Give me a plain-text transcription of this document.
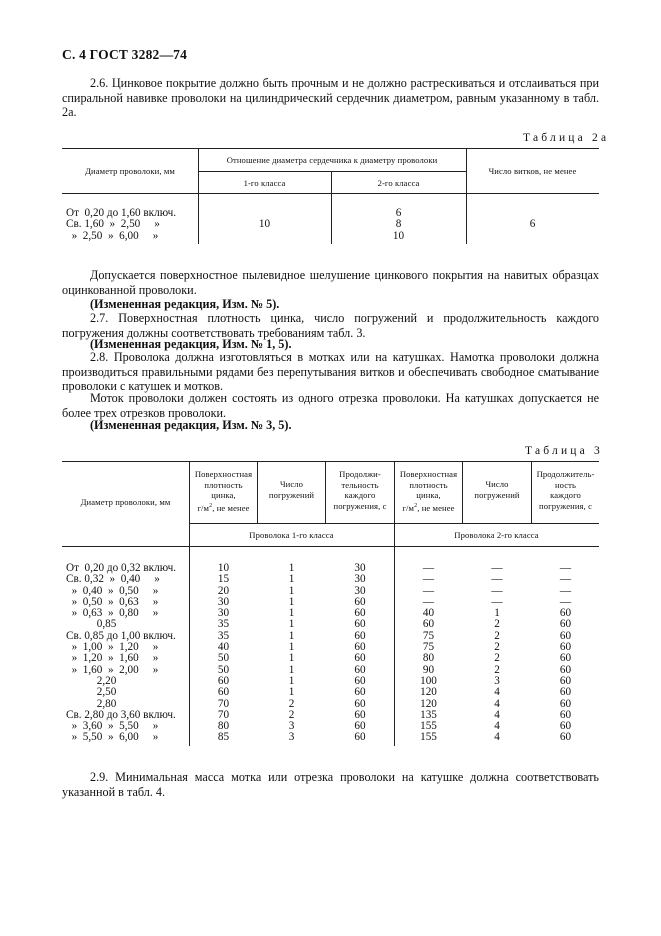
С. 4 ГОСТ 3282—74
2.6. Цинковое покрытие должно быть прочным и не должно растрескиваться и отслаиваться при спиральной навивке проволоки на цилиндрический сердечник диаметром, равным указанному в табл. 2а.
Таблица 2а
Диаметр проволоки, мм
Отношение диаметра сердечника к диаметру проволоки
1-го класса	2-го класса
Число витков, не менее
От  0,20 до 1,60 включ.
Св. 1,60  »  2,50     »
»  2,50  »  6,00     »
10
6
8
10
6
Допускается поверхностное пылевидное шелушение цинкового покрытия на навитых образцах оцинкованной проволоки.
(Измененная редакция, Изм. № 5).
2.7. Поверхностная плотность цинка, число погружений и продолжительность каждого погружения должны соответствовать требованиям табл. 3.
(Измененная редакция, Изм. № 1, 5).
2.8. Проволока должна изготовляться в мотках или на катушках. Намотка проволоки должна производиться правильными рядами без перепутывания витков и обеспечивать свободное сматывание проволоки с катушек и мотков.
Моток проволоки должен состоять из одного отрезка проволоки. На катушках допускается не более трех отрезков проволоки.
(Измененная редакция, Изм. № 3, 5).
Таблица 3
Диаметр проволоки, мм
Поверхностная
плотность
цинка,
$г/м^2$, не менее
Число
погружений
Продолжи-
тельность
каждого
погружения, с
Поверхностная
плотность
цинка,
$г/м^2$, не менее
Число
погружений
Продолжитель-
ность
каждого
погружения, с
Проволока 1-го класса	Проволока 2-го класса
От  0,20 до 0,32 включ.
Св. 0,32  »  0,40     »
»  0,40  »  0,50     »
»  0,50  »  0,63     »
»  0,63  »  0,80     »
0,85
Св. 0,85 до 1,00 включ.
»  1,00  »  1,20     »
»  1,20  »  1,60     »
»  1,60  »  2,00     »
2,20
2,50
2,80
Св. 2,80 до 3,60 включ.
»  3,60  »  5,50     »
»  5,50  »  6,00     »
10
15
20
30
30
35
35
40
50
50
60
60
70
70
80
85
1
1
1
1
1
1
1
1
1
1
1
1
2
2
3
3
30
30
30
60
60
60
60
60
60
60
60
60
60
60
60
60
—
—
—
—
40
60
75
75
80
90
100
120
120
135
155
155
—
—
—
—
1
2
2
2
2
2
3
4
4
4
4
4
—
—
—
—
60
60
60
60
60
60
60
60
60
60
60
60
2.9. Минимальная масса мотка или отрезка проволоки на катушке должна соответствовать указанной в табл. 4.
